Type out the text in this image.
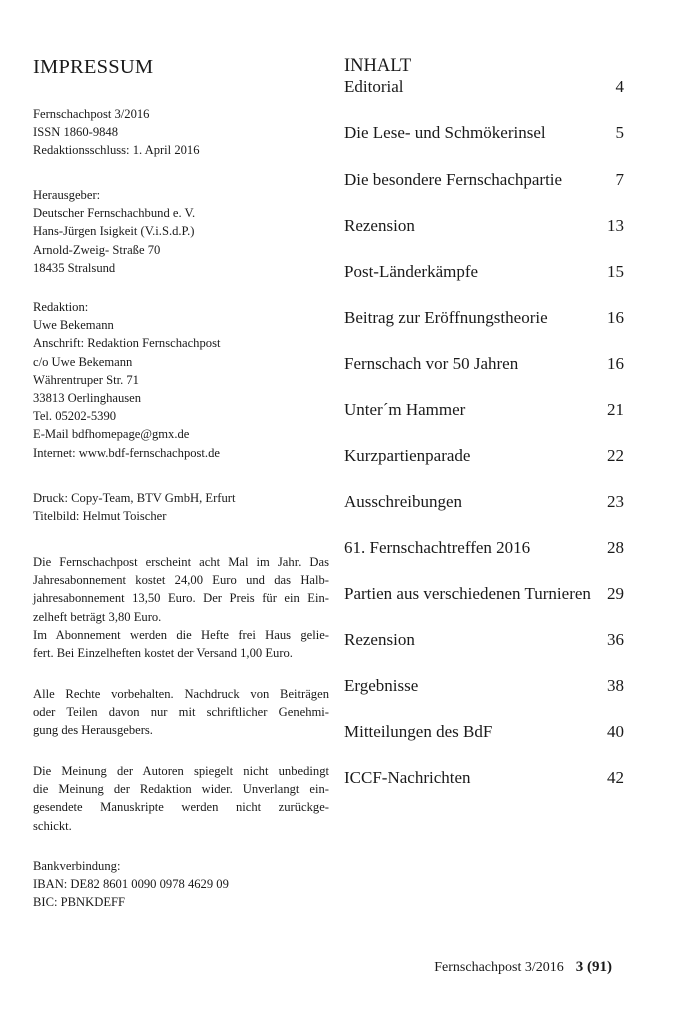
IMPRESSUM
Fernschachpost 3/2016
ISSN 1860-9848
Redaktionsschluss: 1. April 2016
Herausgeber:
Deutscher Fernschachbund e. V.
Hans-Jürgen Isigkeit (V.i.S.d.P.)
Arnold-Zweig- Straße 70
18435 Stralsund
Redaktion:
Uwe Bekemann
Anschrift: Redaktion Fernschachpost
c/o Uwe Bekemann
Währentruper Str. 71
33813 Oerlinghausen
Tel. 05202-5390
E-Mail bdfhomepage@gmx.de
Internet: www.bdf-fernschachpost.de
Druck: Copy-Team, BTV GmbH, Erfurt
Titelbild: Helmut Toischer
Die Fernschachpost erscheint acht Mal im Jahr. Das
Jahresabonnement kostet 24,00 Euro und das Halb-
jahresabonnement 13,50 Euro. Der Preis für ein Ein-
zelheft beträgt 3,80 Euro.
Im Abonnement werden die Hefte frei Haus gelie-
fert. Bei Einzelheften kostet der Versand 1,00 Euro.
Alle Rechte vorbehalten. Nachdruck von Beiträgen
oder Teilen davon nur mit schriftlicher Genehmi-
gung des Herausgebers.
Die Meinung der Autoren spiegelt nicht unbedingt
die Meinung der Redaktion wider. Unverlangt ein-
gesendete Manuskripte werden nicht zurückge-
schickt.
Bankverbindung:
IBAN: DE82 8601 0090 0978 4629 09
BIC: PBNKDEFF
INHALT
Editorial	4
Die Lese- und Schmökerinsel	5
Die besondere Fernschachpartie	7
Rezension	13
Post-Länderkämpfe	15
Beitrag zur Eröffnungstheorie	16
Fernschach vor 50 Jahren	16
Unter´m Hammer	21
Kurzpartienparade	22
Ausschreibungen	23
61. Fernschachtreffen 2016	28
Partien aus verschiedenen Turnieren 29
Rezension	36
Ergebnisse	38
Mitteilungen des BdF	40
ICCF-Nachrichten	42
Fernschachpost 3/2016 3 (91)
